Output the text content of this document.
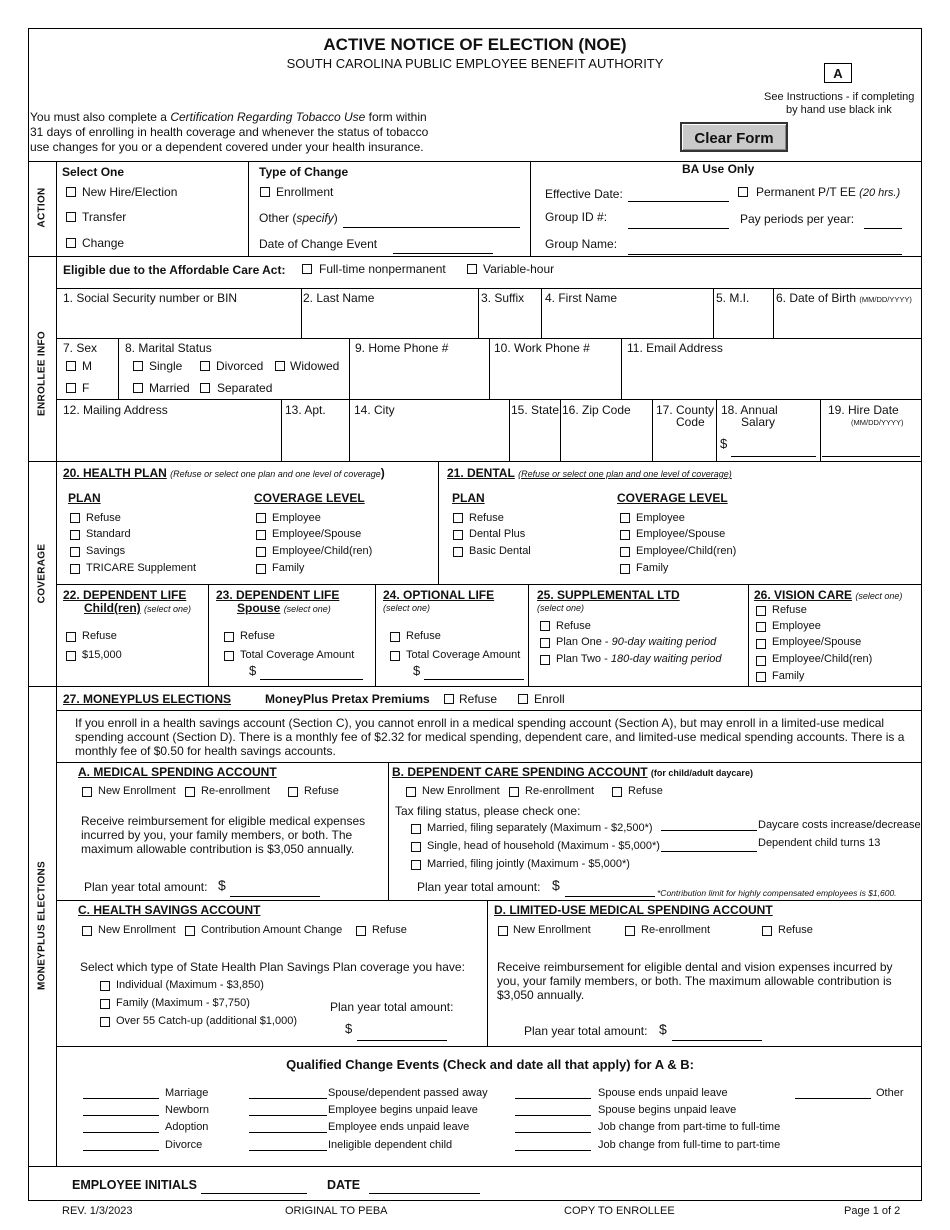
ACTIVE NOTICE OF ELECTION (NOE)
SOUTH CAROLINA PUBLIC EMPLOYEE BENEFIT AUTHORITY
A
See Instructions - if completing
by hand use black ink
You must also complete a Certification Regarding Tobacco Use form within
31 days of enrolling in health coverage and whenever the status of tobacco
use changes for you or a dependent covered under your health insurance.	Clear Form
ACTION
ENROLLEE INFO
COVERAGE
MONEYPLUS ELECTIONS
Select One
New Hire/Election
Transfer
Change
Type of Change
Enrollment
Other (specify)
Date of Change Event
BA Use Only
Effective Date:	Permanent P/T EE (20 hrs.)
Group ID #:	Pay periods per year:
Group Name:
Eligible due to the Affordable Care Act:	Full-time nonpermanent	Variable-hour
1. Social Security number or BIN	2. Last Name	3. Suffix 4. First Name	5. M.I. 6. Date of Birth (MM/DD/YYYY)
7. Sex
M
F
8. Marital Status
Single	Divorced Widowed
Married Separated
9. Home Phone #	10. Work Phone #	11. Email Address
12. Mailing Address	13. Apt. 14. City	15. State 16. Zip Code 17. County
Code
18. Annual
Salary
$
19. Hire Date
(MM/DD/YYYY)
20. HEALTH PLAN (Refuse or select one plan and one level of coverage)
PLAN	COVERAGE LEVEL
Refuse
Standard
Savings
TRICARE Supplement
Employee
Employee/Spouse
Employee/Child(ren)
Family
21. DENTAL (Refuse or select one plan and one level of coverage)
PLAN	COVERAGE LEVEL
Refuse
Dental Plus
Basic Dental
Employee
Employee/Spouse
Employee/Child(ren)
Family
22. DEPENDENT LIFE
Child(ren) (select one)
Refuse
$15,000
23. DEPENDENT LIFE
Spouse (select one)
Refuse
Total Coverage Amount
$
24. OPTIONAL LIFE
(select one)
Refuse
Total Coverage Amount
$
25. SUPPLEMENTAL LTD
(select one)
Refuse
Plan One - 90-day waiting period
Plan Two - 180-day waiting period
26. VISION CARE (select one)
Refuse
Employee
Employee/Spouse
Employee/Child(ren)
Family
27. MONEYPLUS ELECTIONS	MoneyPlus Pretax Premiums Refuse	Enroll
If you enroll in a health savings account (Section C), you cannot enroll in a medical spending account (Section A), but may enroll in a limited-use medical spending account (Section D). There is a monthly fee of $2.32 for medical spending, dependent care, and limited-use medical spending accounts. There is a monthly fee of $0.50 for health savings accounts.
A. MEDICAL SPENDING ACCOUNT
New Enrollment Re-enrollment	Refuse
Receive reimbursement for eligible medical expenses incurred by you, your family members, or both. The maximum allowable contribution is $3,050 annually.
Plan year total amount: $
B. DEPENDENT CARE SPENDING ACCOUNT (for child/adult daycare)
New Enrollment Re-enrollment	Refuse
Tax filing status, please check one:
Married, filing separately (Maximum - $2,500*)	Daycare costs increase/decrease
Single, head of household (Maximum - $5,000*)	Dependent child turns 13
Married, filing jointly (Maximum - $5,000*)
Plan year total amount: $	*Contribution limit for highly compensated employees is $1,600.
C. HEALTH SAVINGS ACCOUNT
New Enrollment Contribution Amount Change	Refuse
Select which type of State Health Plan Savings Plan coverage you have:
Individual (Maximum - $3,850)
Family (Maximum - $7,750)
Over 55 Catch-up (additional $1,000)
Plan year total amount:
$
D. LIMITED-USE MEDICAL SPENDING ACCOUNT
New Enrollment	Re-enrollment	Refuse
Receive reimbursement for eligible dental and vision expenses incurred by you, your family members, or both. The maximum allowable contribution is $3,050 annually.
Plan year total amount: $
Qualified Change Events (Check and date all that apply) for A & B:
Marriage
Newborn
Adoption
Divorce
Spouse/dependent passed away
Employee begins unpaid leave
Employee ends unpaid leave
Ineligible dependent child
Spouse ends unpaid leave
Spouse begins unpaid leave
Job change from part-time to full-time
Job change from full-time to part-time
Other
EMPLOYEE INITIALS	DATE
REV. 1/3/2023	ORIGINAL TO PEBA	COPY TO ENROLLEE	Page 1 of 2
